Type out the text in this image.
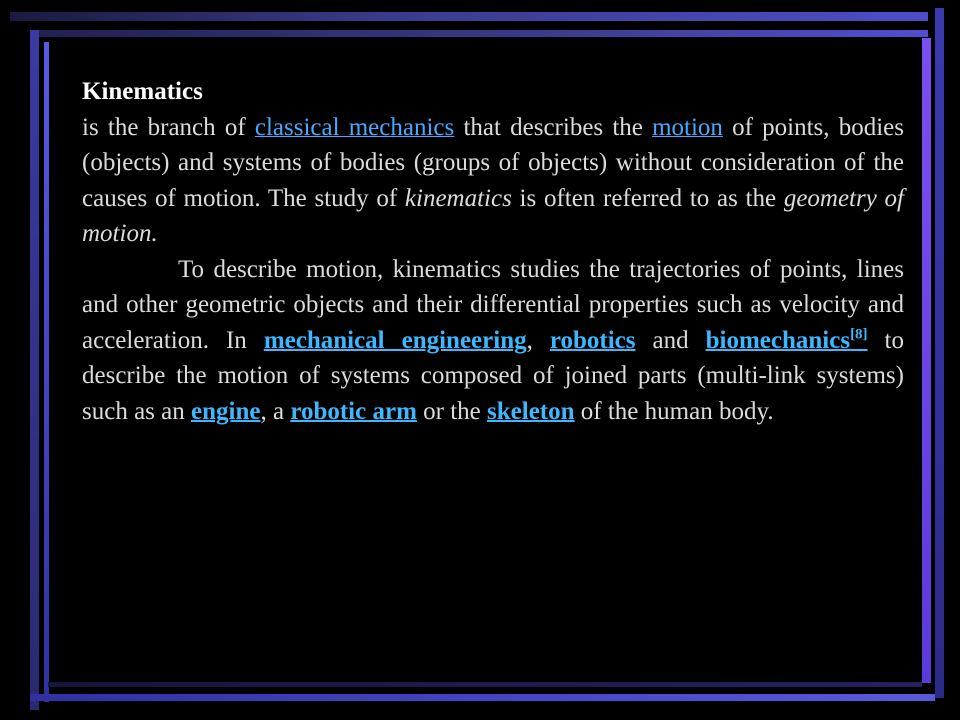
Kinematics

is the branch of classical mechanics that describes the motion of points, bodies (objects) and systems of bodies (groups of objects) without consideration of the causes of motion. The study of kinematics is often referred to as the geometry of motion.

To describe motion, kinematics studies the trajectories of points, lines and other geometric objects and their differential properties such as velocity and acceleration. In mechanical engineering, robotics and biomechanics[8] to describe the motion of systems composed of joined parts (multi-link systems) such as an engine, a robotic arm or the skeleton of the human body.
